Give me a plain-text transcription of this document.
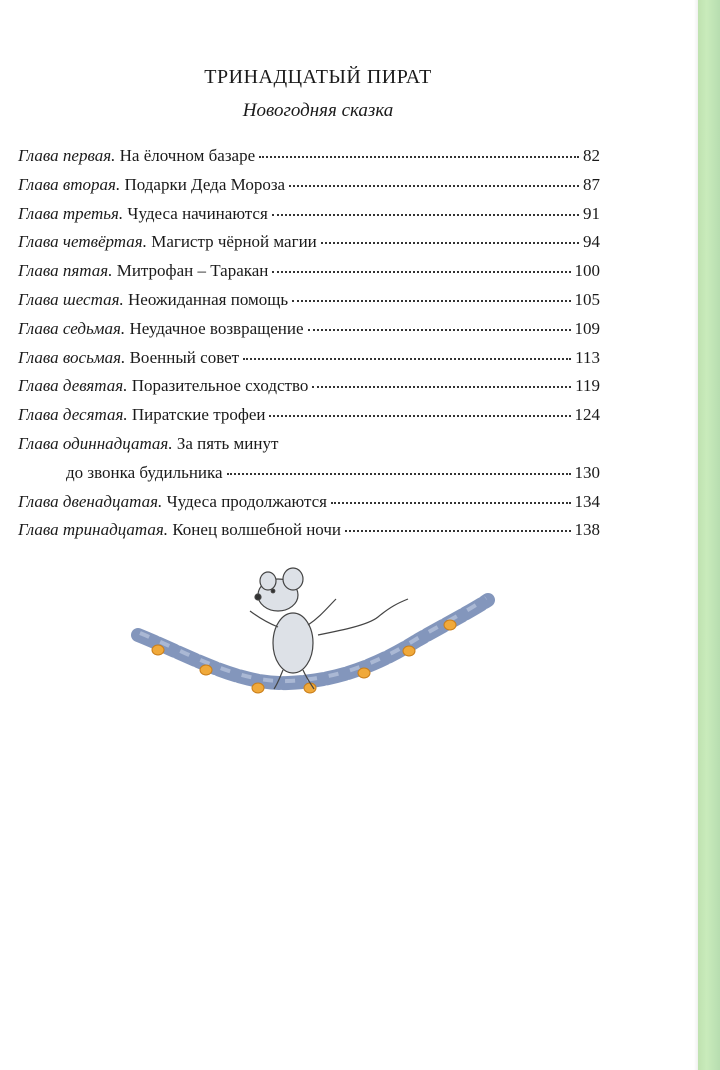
ТРИНАДЦАТЫЙ ПИРАТ
Новогодняя сказка
Глава первая. На ёлочном базаре	82
Глава вторая. Подарки Деда Мороза	87
Глава третья. Чудеса начинаются	91
Глава четвёртая. Магистр чёрной магии	94
Глава пятая. Митрофан – Таракан	100
Глава шестая. Неожиданная помощь	105
Глава седьмая. Неудачное возвращение	109
Глава восьмая. Военный совет	113
Глава девятая. Поразительное сходство	119
Глава десятая. Пиратские трофеи	124
Глава одиннадцатая. За пять минут
до звонка будильника	130
Глава двенадцатая. Чудеса продолжаются	134
Глава тринадцатая. Конец волшебной ночи	138
